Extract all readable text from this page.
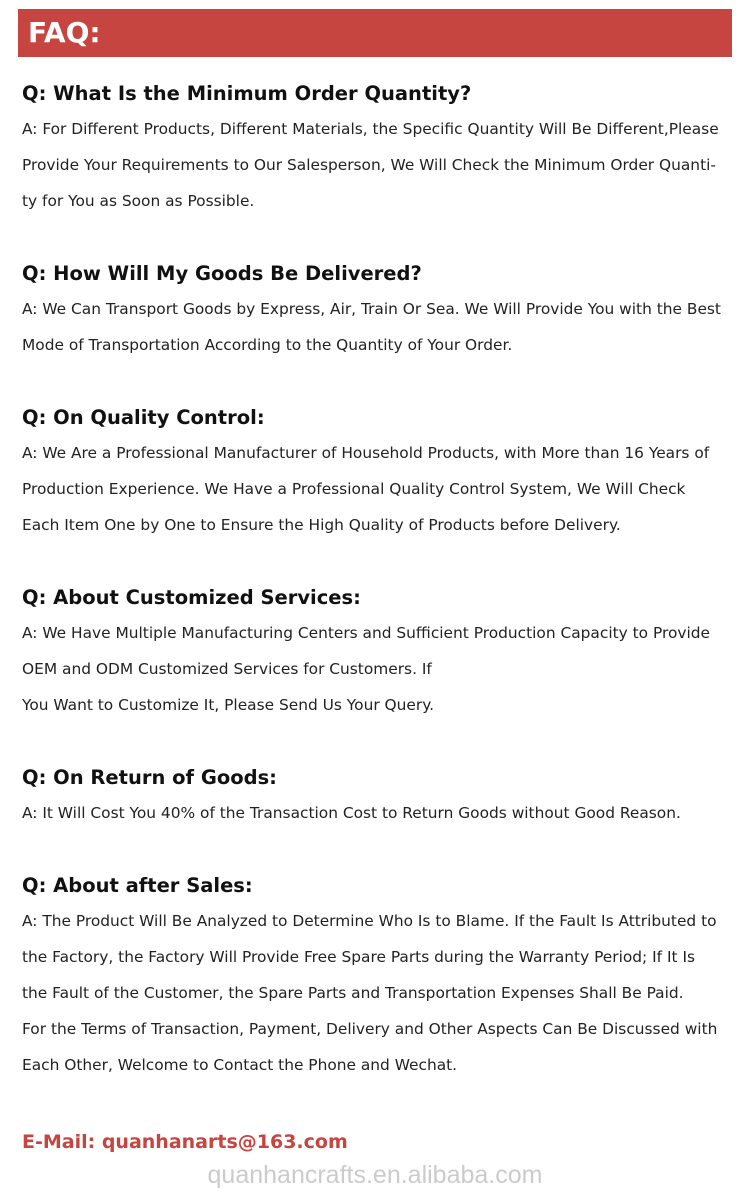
FAQ:
Q: What Is the Minimum Order Quantity?
A: For Different Products, Different Materials, the Specific Quantity Will Be Different,Please
Provide Your Requirements to Our Salesperson, We Will Check the Minimum Order Quanti-
ty for You as Soon as Possible.
Q: How Will My Goods Be Delivered?
A: We Can Transport Goods by Express, Air, Train Or Sea. We Will Provide You with the Best
Mode of Transportation According to the Quantity of Your Order.
Q: On Quality Control:
A: We Are a Professional Manufacturer of Household Products, with More than 16 Years of
Production Experience. We Have a Professional Quality Control System, We Will Check
Each Item One by One to Ensure the High Quality of Products before Delivery.
Q: About Customized Services:
A: We Have Multiple Manufacturing Centers and Sufficient Production Capacity to Provide
OEM and ODM Customized Services for Customers. If
You Want to Customize It, Please Send Us Your Query.
Q: On Return of Goods:
A: It Will Cost You 40% of the Transaction Cost to Return Goods without Good Reason.
Q: About after Sales:
A: The Product Will Be Analyzed to Determine Who Is to Blame. If the Fault Is Attributed to
the Factory, the Factory Will Provide Free Spare Parts during the Warranty Period; If It Is
the Fault of the Customer, the Spare Parts and Transportation Expenses Shall Be Paid.
For the Terms of Transaction, Payment, Delivery and Other Aspects Can Be Discussed with
Each Other, Welcome to Contact the Phone and Wechat.
E-Mail: quanhanarts@163.com
quanhancrafts.en.alibaba.com
